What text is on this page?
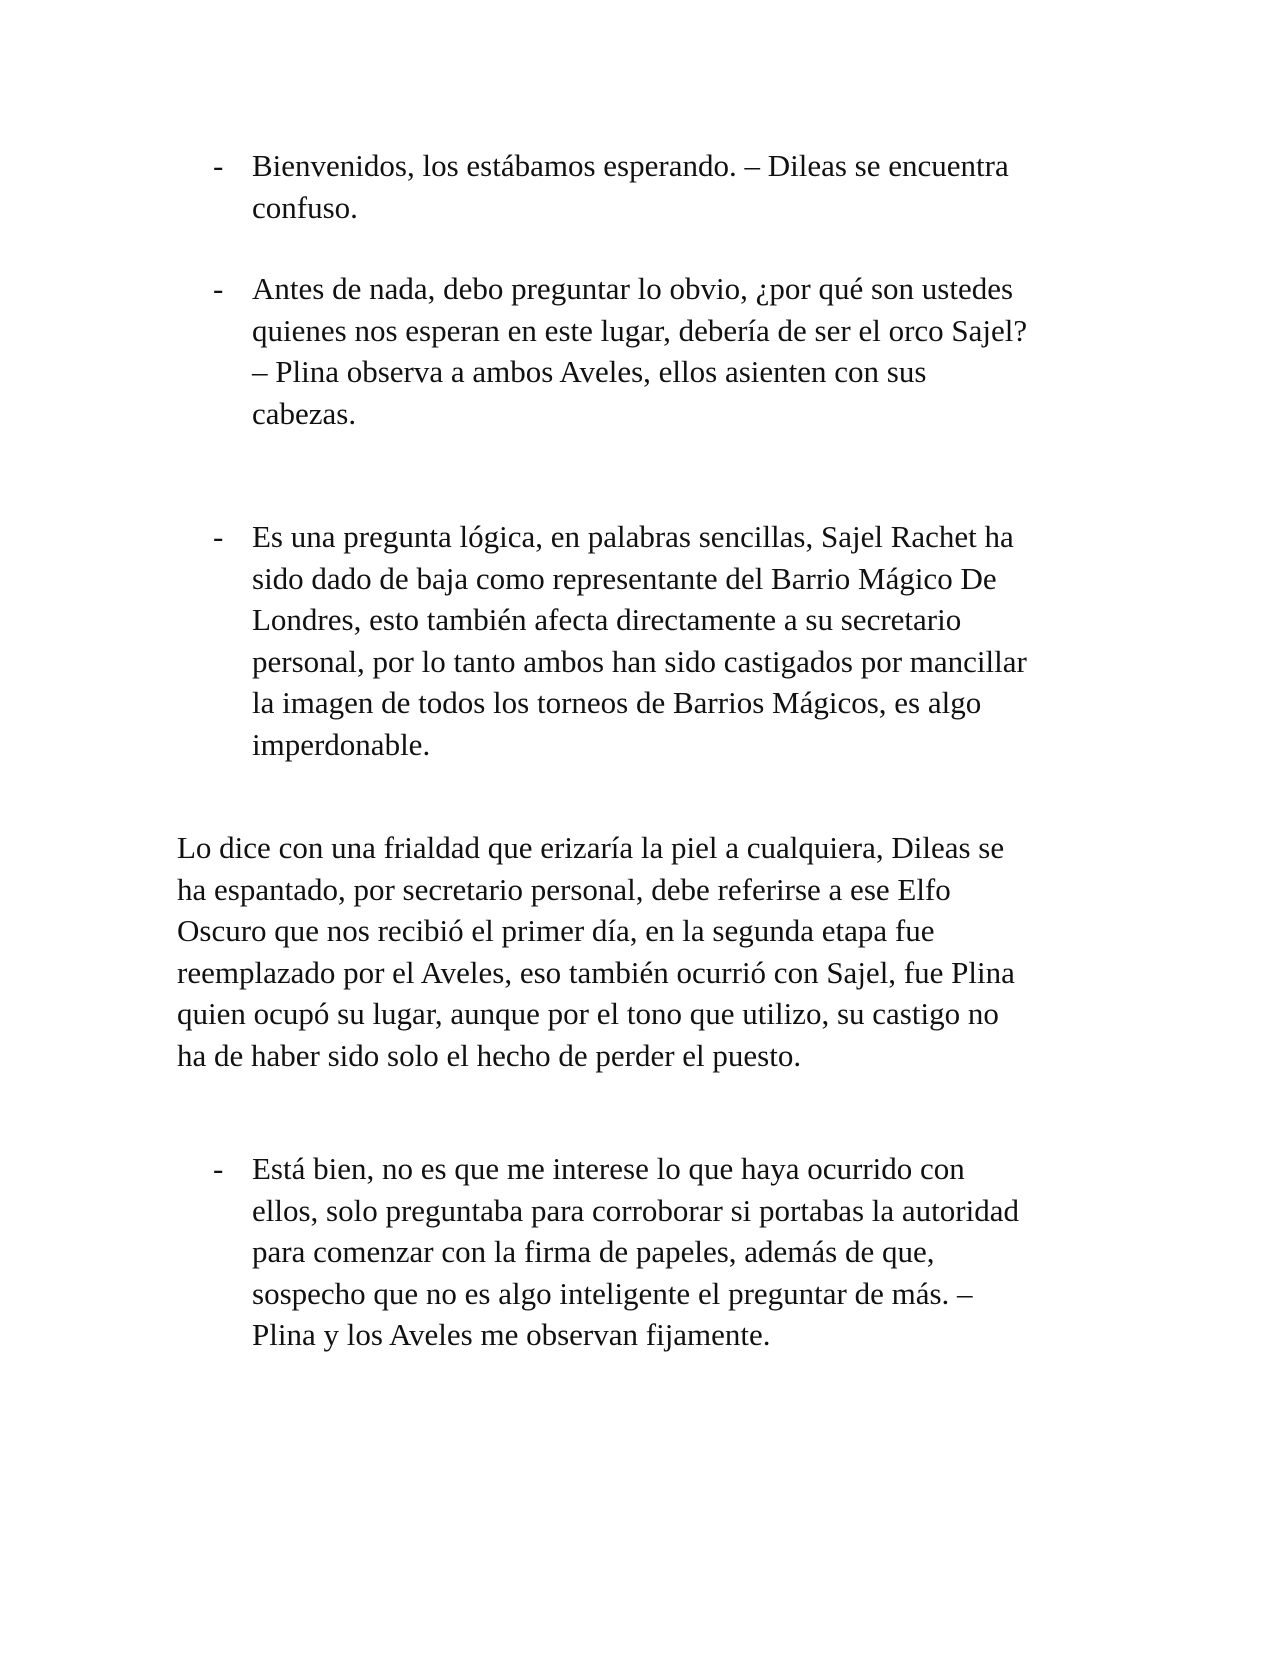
- Bienvenidos, los estábamos esperando. – Dileas se encuentra
confuso.
- Antes de nada, debo preguntar lo obvio, ¿por qué son ustedes
quienes nos esperan en este lugar, debería de ser el orco Sajel?
– Plina observa a ambos Aveles, ellos asienten con sus
cabezas.
- Es una pregunta lógica, en palabras sencillas, Sajel Rachet ha
sido dado de baja como representante del Barrio Mágico De
Londres, esto también afecta directamente a su secretario
personal, por lo tanto ambos han sido castigados por mancillar
la imagen de todos los torneos de Barrios Mágicos, es algo
imperdonable.
Lo dice con una frialdad que erizaría la piel a cualquiera, Dileas se
ha espantado, por secretario personal, debe referirse a ese Elfo
Oscuro que nos recibió el primer día, en la segunda etapa fue
reemplazado por el Aveles, eso también ocurrió con Sajel, fue Plina
quien ocupó su lugar, aunque por el tono que utilizo, su castigo no
ha de haber sido solo el hecho de perder el puesto.
- Está bien, no es que me interese lo que haya ocurrido con
ellos, solo preguntaba para corroborar si portabas la autoridad
para comenzar con la firma de papeles, además de que,
sospecho que no es algo inteligente el preguntar de más. –
Plina y los Aveles me observan fijamente.
